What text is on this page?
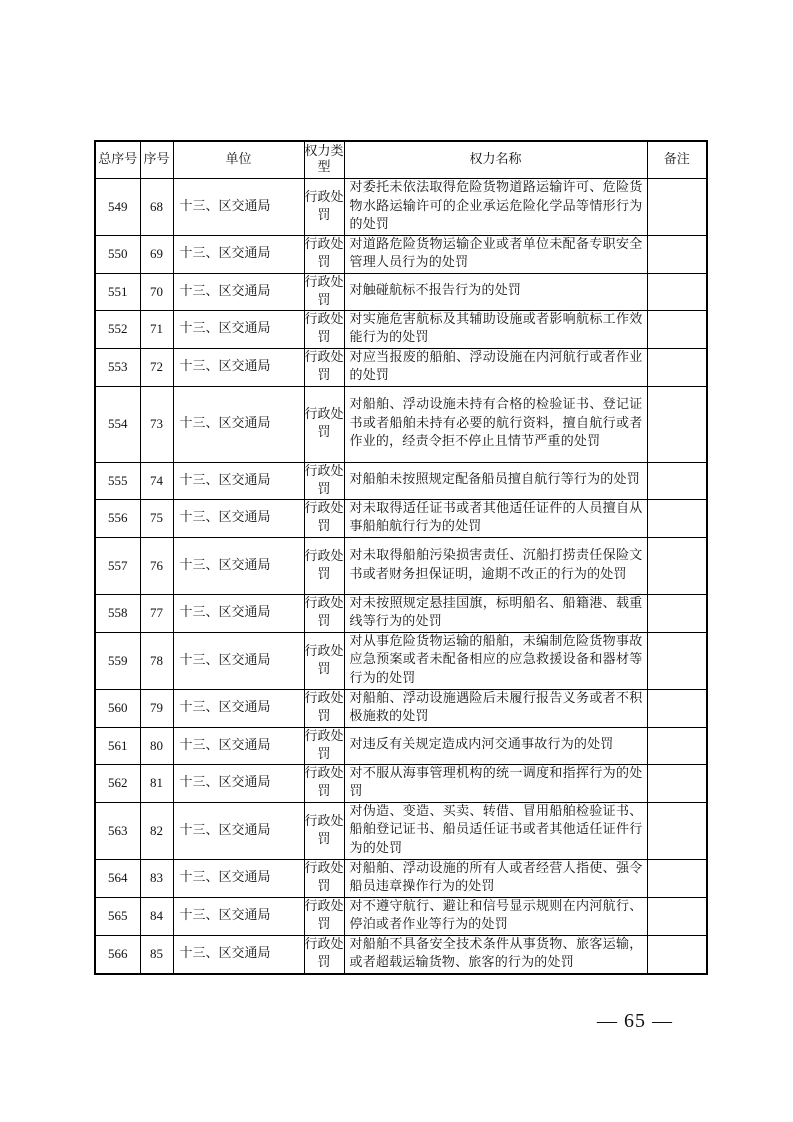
总序号	序号	单位	权力类型	权力名称	备注
549	68	十三、区交通局	行政处罚	对委托未依法取得危险货物道路运输许可、危险货物水路运输许可的企业承运危险化学品等情形行为的处罚	
550	69	十三、区交通局	行政处罚	对道路危险货物运输企业或者单位未配备专职安全管理人员行为的处罚	
551	70	十三、区交通局	行政处罚	对触碰航标不报告行为的处罚	
552	71	十三、区交通局	行政处罚	对实施危害航标及其辅助设施或者影响航标工作效能行为的处罚	
553	72	十三、区交通局	行政处罚	对应当报废的船舶、浮动设施在内河航行或者作业的处罚	
554	73	十三、区交通局	行政处罚	对船舶、浮动设施未持有合格的检验证书、登记证书或者船舶未持有必要的航行资料，擅自航行或者作业的，经责令拒不停止且情节严重的处罚	
555	74	十三、区交通局	行政处罚	对船舶未按照规定配备船员擅自航行等行为的处罚	
556	75	十三、区交通局	行政处罚	对未取得适任证书或者其他适任证件的人员擅自从事船舶航行行为的处罚	
557	76	十三、区交通局	行政处罚	对未取得船舶污染损害责任、沉船打捞责任保险文书或者财务担保证明，逾期不改正的行为的处罚	
558	77	十三、区交通局	行政处罚	对未按照规定悬挂国旗，标明船名、船籍港、载重线等行为的处罚	
559	78	十三、区交通局	行政处罚	对从事危险货物运输的船舶，未编制危险货物事故应急预案或者未配备相应的应急救援设备和器材等行为的处罚	
560	79	十三、区交通局	行政处罚	对船舶、浮动设施遇险后未履行报告义务或者不积极施救的处罚	
561	80	十三、区交通局	行政处罚	对违反有关规定造成内河交通事故行为的处罚	
562	81	十三、区交通局	行政处罚	对不服从海事管理机构的统一调度和指挥行为的处罚	
563	82	十三、区交通局	行政处罚	对伪造、变造、买卖、转借、冒用船舶检验证书、船舶登记证书、船员适任证书或者其他适任证件行为的处罚	
564	83	十三、区交通局	行政处罚	对船舶、浮动设施的所有人或者经营人指使、强令船员违章操作行为的处罚	
565	84	十三、区交通局	行政处罚	对不遵守航行、避让和信号显示规则在内河航行、停泊或者作业等行为的处罚	
566	85	十三、区交通局	行政处罚	对船舶不具备安全技术条件从事货物、旅客运输，或者超载运输货物、旅客的行为的处罚	
— 65 —
